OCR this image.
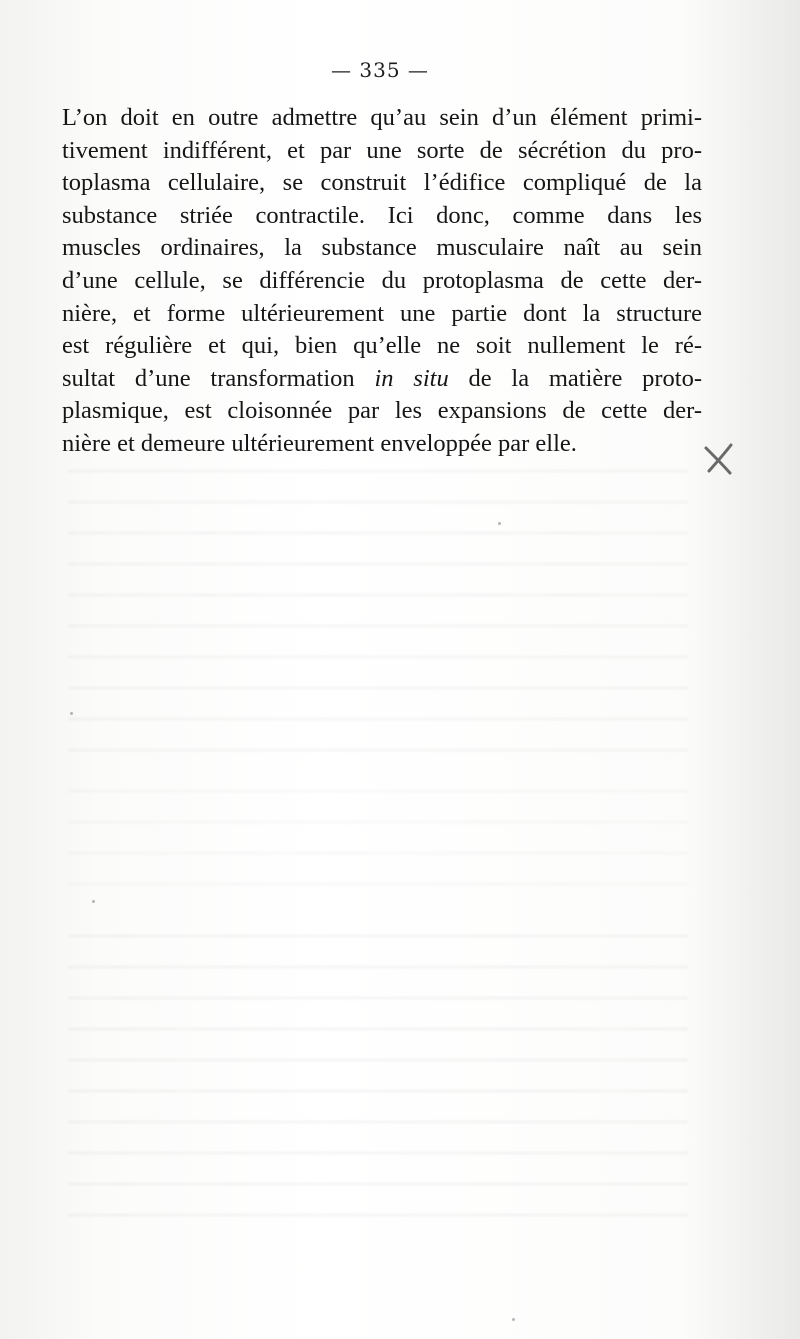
— 335 —
L’on doit en outre admettre qu’au sein d’un élément primi-
tivement indifférent, et par une sorte de sécrétion du pro-
toplasma cellulaire, se construit l’édifice compliqué de la
substance striée contractile. Ici donc, comme dans les
muscles ordinaires, la substance musculaire naît au sein
d’une cellule, se différencie du protoplasma de cette der-
nière, et forme ultérieurement une partie dont la structure
est régulière et qui, bien qu’elle ne soit nullement le ré-
sultat d’une transformation in situ de la matière proto-
plasmique, est cloisonnée par les expansions de cette der-
nière et demeure ultérieurement enveloppée par elle.
